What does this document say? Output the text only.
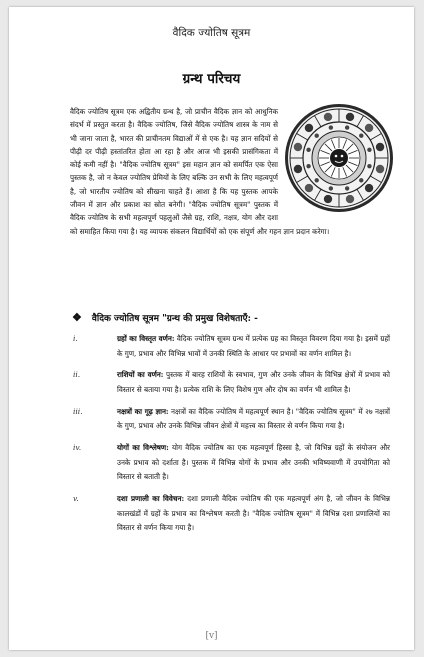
वैदिक ज्योतिष सूत्रम
ग्रन्थ परिचय
वैदिक ज्योतिष सूत्रम एक अद्वितीय ग्रन्थ है, जो प्राचीन वैदिक ज्ञान को आधुनिक संदर्भ में प्रस्तुत करता है। वैदिक ज्योतिष, जिसे वैदिक ज्योतिष शास्त्र के नाम से भी जाना जाता है, भारत की प्राचीनतम विद्याओं में से एक है। यह ज्ञान सदियों से पीढ़ी दर पीढ़ी हस्तांतरित होता आ रहा है और आज भी इसकी प्रासंगिकता में कोई कमी नहीं है। "वैदिक ज्योतिष सूत्रम" इस महान ज्ञान को समर्पित एक ऐसा पुस्तक है, जो न केवल ज्योतिष प्रेमियों के लिए बल्कि उन सभी के लिए महत्वपूर्ण है, जो भारतीय ज्योतिष को सीखना चाहते हैं। आशा है कि यह पुस्तक आपके जीवन में ज्ञान और प्रकाश का स्रोत बनेगी। "वैदिक ज्योतिष सूत्रम" पुस्तक में वैदिक ज्योतिष के सभी महत्वपूर्ण पहलुओं जैसे ग्रह, राशि, नक्षत्र, योग और दशा को समाहित किया गया है। यह व्यापक संकलन विद्यार्थियों को एक संपूर्ण और गहन ज्ञान प्रदान करेगा।
❖ वैदिक ज्योतिष सूत्रम "ग्रन्थ की प्रमुख विशेषताएँ: -
i.	ग्रहों का विस्तृत वर्णन: वैदिक ज्योतिष सूत्रम ग्रन्थ में प्रत्येक ग्रह का विस्तृत विवरण दिया गया है। इसमें ग्रहों के गुण, प्रभाव और विभिन्न भावों में उनकी स्थिति के आधार पर प्रभावों का वर्णन शामिल है।
ii.	राशियों का वर्णन: पुस्तक में बारह राशियों के स्वभाव, गुण और उनके जीवन के विभिन्न क्षेत्रों में प्रभाव को विस्तार से बताया गया है। प्रत्येक राशि के लिए विशेष गुण और दोष का वर्णन भी शामिल है।
iii.	नक्षत्रों का गूढ़ ज्ञान: नक्षत्रों का वैदिक ज्योतिष में महत्वपूर्ण स्थान है। "वैदिक ज्योतिष सूत्रम" में २७ नक्षत्रों के गुण, प्रभाव और उनके विभिन्न जीवन क्षेत्रों में महत्त्व का विस्तार से वर्णन किया गया है।
iv.	योगों का विश्लेषण: योग वैदिक ज्योतिष का एक महत्वपूर्ण हिस्सा है, जो विभिन्न ग्रहों के संयोजन और उनके प्रभाव को दर्शाता है। पुस्तक में विभिन्न योगों के प्रभाव और उनकी भविष्यवाणी में उपयोगिता को विस्तार से बताती है।
v.	दशा प्रणाली का विवेचन: दशा प्रणाली वैदिक ज्योतिष की एक महत्वपूर्ण अंग है, जो जीवन के विभिन्न कालखंडों में ग्रहों के प्रभाव का विश्लेषण करती है। "वैदिक ज्योतिष सूत्रम" में विभिन्न दशा प्रणालियों का विस्तार से वर्णन किया गया है।
[v]
